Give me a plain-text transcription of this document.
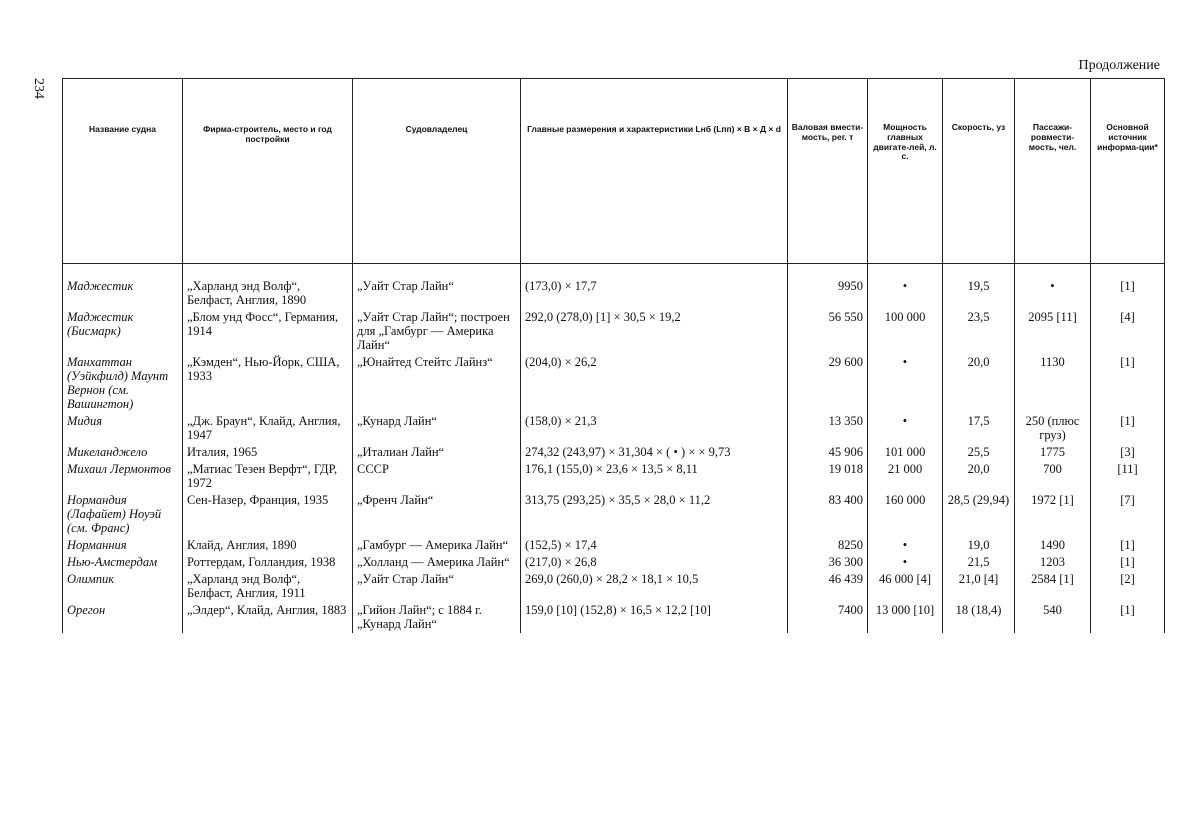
234
Продолжение
Название судна	Фирма-строитель, место и год постройки	Судовладелец	Главные размерения и характеристики Lнб (Lпп) × B × Д × d	Валовая вмести-мость, рег. т	Мощность главных двигате-лей, л. с.	Скорость, уз	Пассажи-ровмести-мость, чел.	Основной источник информа-ции*

Маджестик	„Харланд энд Волф“, Белфаст, Англия, 1890	„Уайт Стар Лайн“	(173,0) × 17,7	9950	•	19,5	•	[1]
Маджестик (Бисмарк)	„Блом унд Фосс“, Германия, 1914	„Уайт Стар Лайн“; построен для „Гамбург — Америка Лайн“	292,0 (278,0) [1] × 30,5 × 19,2	56 550	100 000	23,5	2095 [11]	[4]
Манхаттан (Уэйкфилд) Маунт Вернон (см. Вашингтон)	„Кэмден“, Нью-Йорк, США, 1933	„Юнайтед Стейтс Лайнз“	(204,0) × 26,2	29 600	•	20,0	1130	[1]
Мидия	„Дж. Браун“, Клайд, Англия, 1947	„Кунард Лайн“	(158,0) × 21,3	13 350	•	17,5	250 (плюс груз)	[1]
Микеланджело	Италия, 1965	„Италиан Лайн“	274,32 (243,97) × 31,304 × ( • ) × × 9,73	45 906	101 000	25,5	1775	[3]
Михаил Лермонтов	„Матиас Тезен Верфт“, ГДР, 1972	СССР	176,1 (155,0) × 23,6 × 13,5 × 8,11	19 018	21 000	20,0	700	[11]
Нормандия (Лафайет) Ноуэй (см. Франс)	Сен-Назер, Франция, 1935	„Френч Лайн“	313,75 (293,25) × 35,5 × 28,0 × 11,2	83 400	160 000	28,5 (29,94)	1972 [1]	[7]
Норманния	Клайд, Англия, 1890	„Гамбург — Америка Лайн“	(152,5) × 17,4	8250	•	19,0	1490	[1]
Нью-Амстердам	Роттердам, Голландия, 1938	„Холланд — Америка Лайн“	(217,0) × 26,8	36 300	•	21,5	1203	[1]
Олимпик	„Харланд энд Волф“, Белфаст, Англия, 1911	„Уайт Стар Лайн“	269,0 (260,0) × 28,2 × 18,1 × 10,5	46 439	46 000 [4]	21,0 [4]	2584 [1]	[2]
Орегон	„Элдер“, Клайд, Англия, 1883	„Гийон Лайн“; с 1884 г. „Кунард Лайн“	159,0 [10] (152,8) × 16,5 × 12,2 [10]	7400	13 000 [10]	18 (18,4)	540	[1]
